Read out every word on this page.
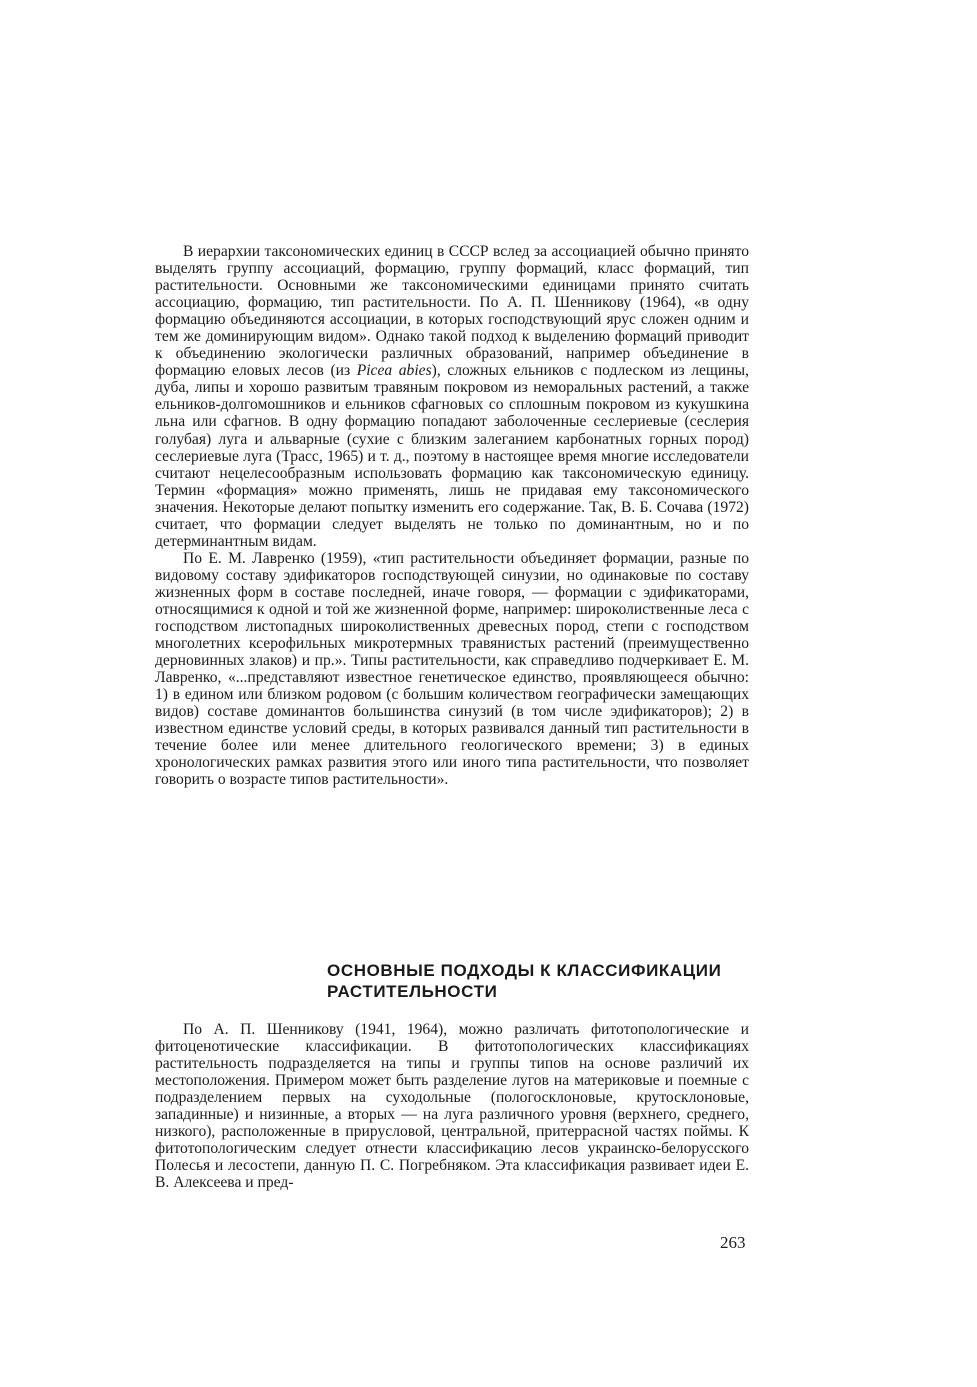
В иерархии таксономических единиц в СССР вслед за ассоциацией обычно принято выделять группу ассоциаций, формацию, группу формаций, класс формаций, тип растительности. Основными же таксономическими единицами принято считать ассоциацию, формацию, тип растительности. По А. П. Шенникову (1964), «в одну формацию объединяются ассоциации, в которых господствующий ярус сложен одним и тем же доминирующим видом». Однако такой подход к выделению формаций приводит к объединению экологически различных образований, например объединение в формацию еловых лесов (из Picea abies), сложных ельников с подлеском из лещины, дуба, липы и хорошо развитым травяным покровом из неморальных растений, а также ельников-долгомошников и ельников сфагновых со сплошным покровом из кукушкина льна или сфагнов. В одну формацию попадают заболоченные сеслериевые (сеслерия голубая) луга и альварные (сухие с близким залеганием карбонатных горных пород) сеслериевые луга (Трасс, 1965) и т. д., поэтому в настоящее время многие исследователи считают нецелесообразным использовать формацию как таксономическую единицу. Термин «формация» можно применять, лишь не придавая ему таксономического значения. Некоторые делают попытку изменить его содержание. Так, В. Б. Сочава (1972) считает, что формации следует выделять не только по доминантным, но и по детерминантным видам.

По Е. М. Лавренко (1959), «тип растительности объединяет формации, разные по видовому составу эдификаторов господствующей синузии, но одинаковые по составу жизненных форм в составе последней, иначе говоря, — формации с эдификаторами, относящимися к одной и той же жизненной форме, например: широколиственные леса с господством листопадных широколиственных древесных пород, степи с господством многолетних ксерофильных микротермных травянистых растений (преимущественно дерновинных злаков) и пр.». Типы растительности, как справедливо подчеркивает Е. М. Лавренко, «...представляют известное генетическое единство, проявляющееся обычно: 1) в едином или близком родовом (с большим количеством географически замещающих видов) составе доминантов большинства синузий (в том числе эдификаторов); 2) в известном единстве условий среды, в которых развивался данный тип растительности в течение более или менее длительного геологического времени; 3) в единых хронологических рамках развития этого или иного типа растительности, что позволяет говорить о возрасте типов растительности».

ОСНОВНЫЕ ПОДХОДЫ К КЛАССИФИКАЦИИ
РАСТИТЕЛЬНОСТИ

По А. П. Шенникову (1941, 1964), можно различать фитотопологические и фитоценотические классификации. В фитотопологических классификациях растительность подразделяется на типы и группы типов на основе различий их местоположения. Примером может быть разделение лугов на материковые и поемные с подразделением первых на суходольные (пологосклоновые, крутосклоновые, западинные) и низинные, а вторых — на луга различного уровня (верхнего, среднего, низкого), расположенные в прирусловой, центральной, притеррасной частях поймы. К фитотопологическим следует отнести классификацию лесов украинско-белорусского Полесья и лесостепи, данную П. С. Погребняком. Эта классификация развивает идеи Е. В. Алексеева и пред-

263
